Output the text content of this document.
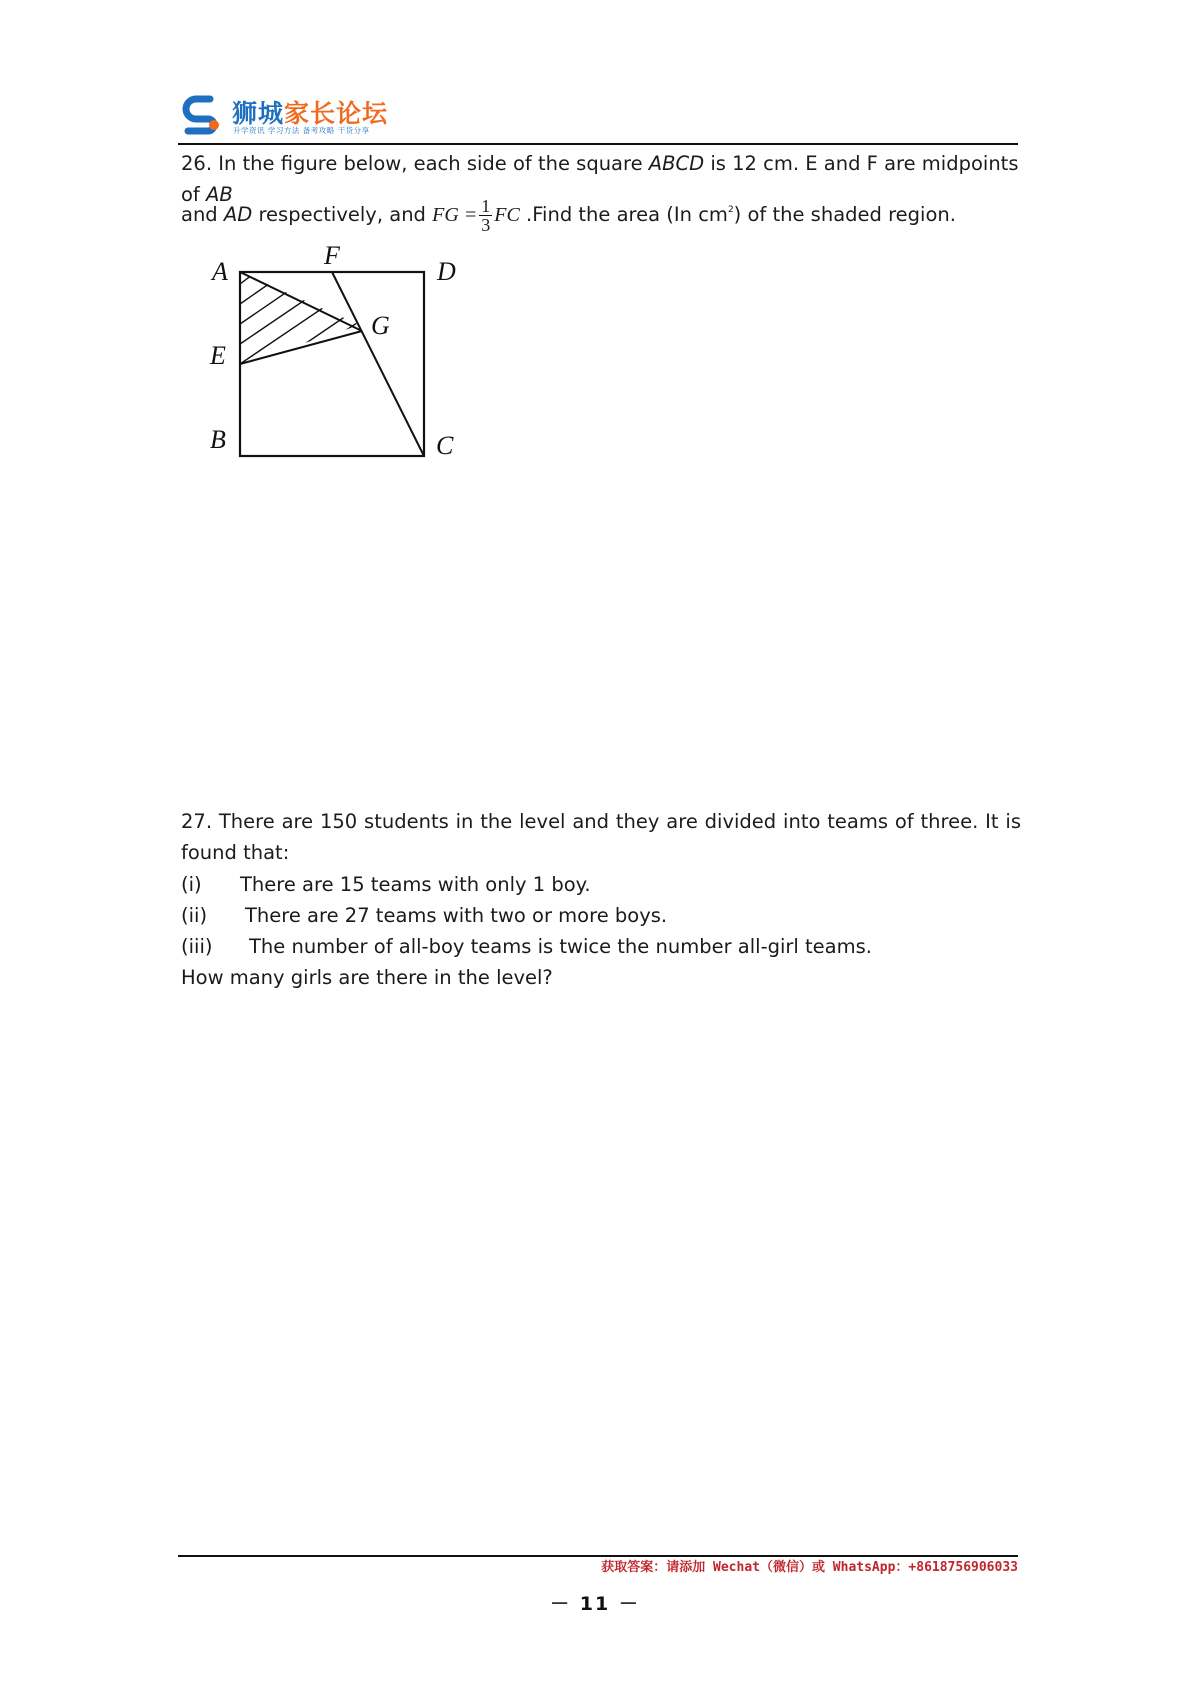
狮城家长论坛
升学资讯 学习方法 备考攻略 干货分享
26. In the figure below, each side of the square ABCD is 12 cm. E and F are midpoints of AB
and AD respectively, and FG = $\frac{1}{3}$ FC .Find the area (In $cm^2$) of the shaded region.
A
E
B
F
D
C
G
27. There are 150 students in the level and they are divided into teams of three. It is found that:
(i) There are 15 teams with only 1 boy.
(ii) There are 27 teams with two or more boys.
(iii) The number of all-boy teams is twice the number all-girl teams.
How many girls are there in the level?
获取答案：请添加 Wechat（微信）或 WhatsApp：+8618756906033
－ 11 －
